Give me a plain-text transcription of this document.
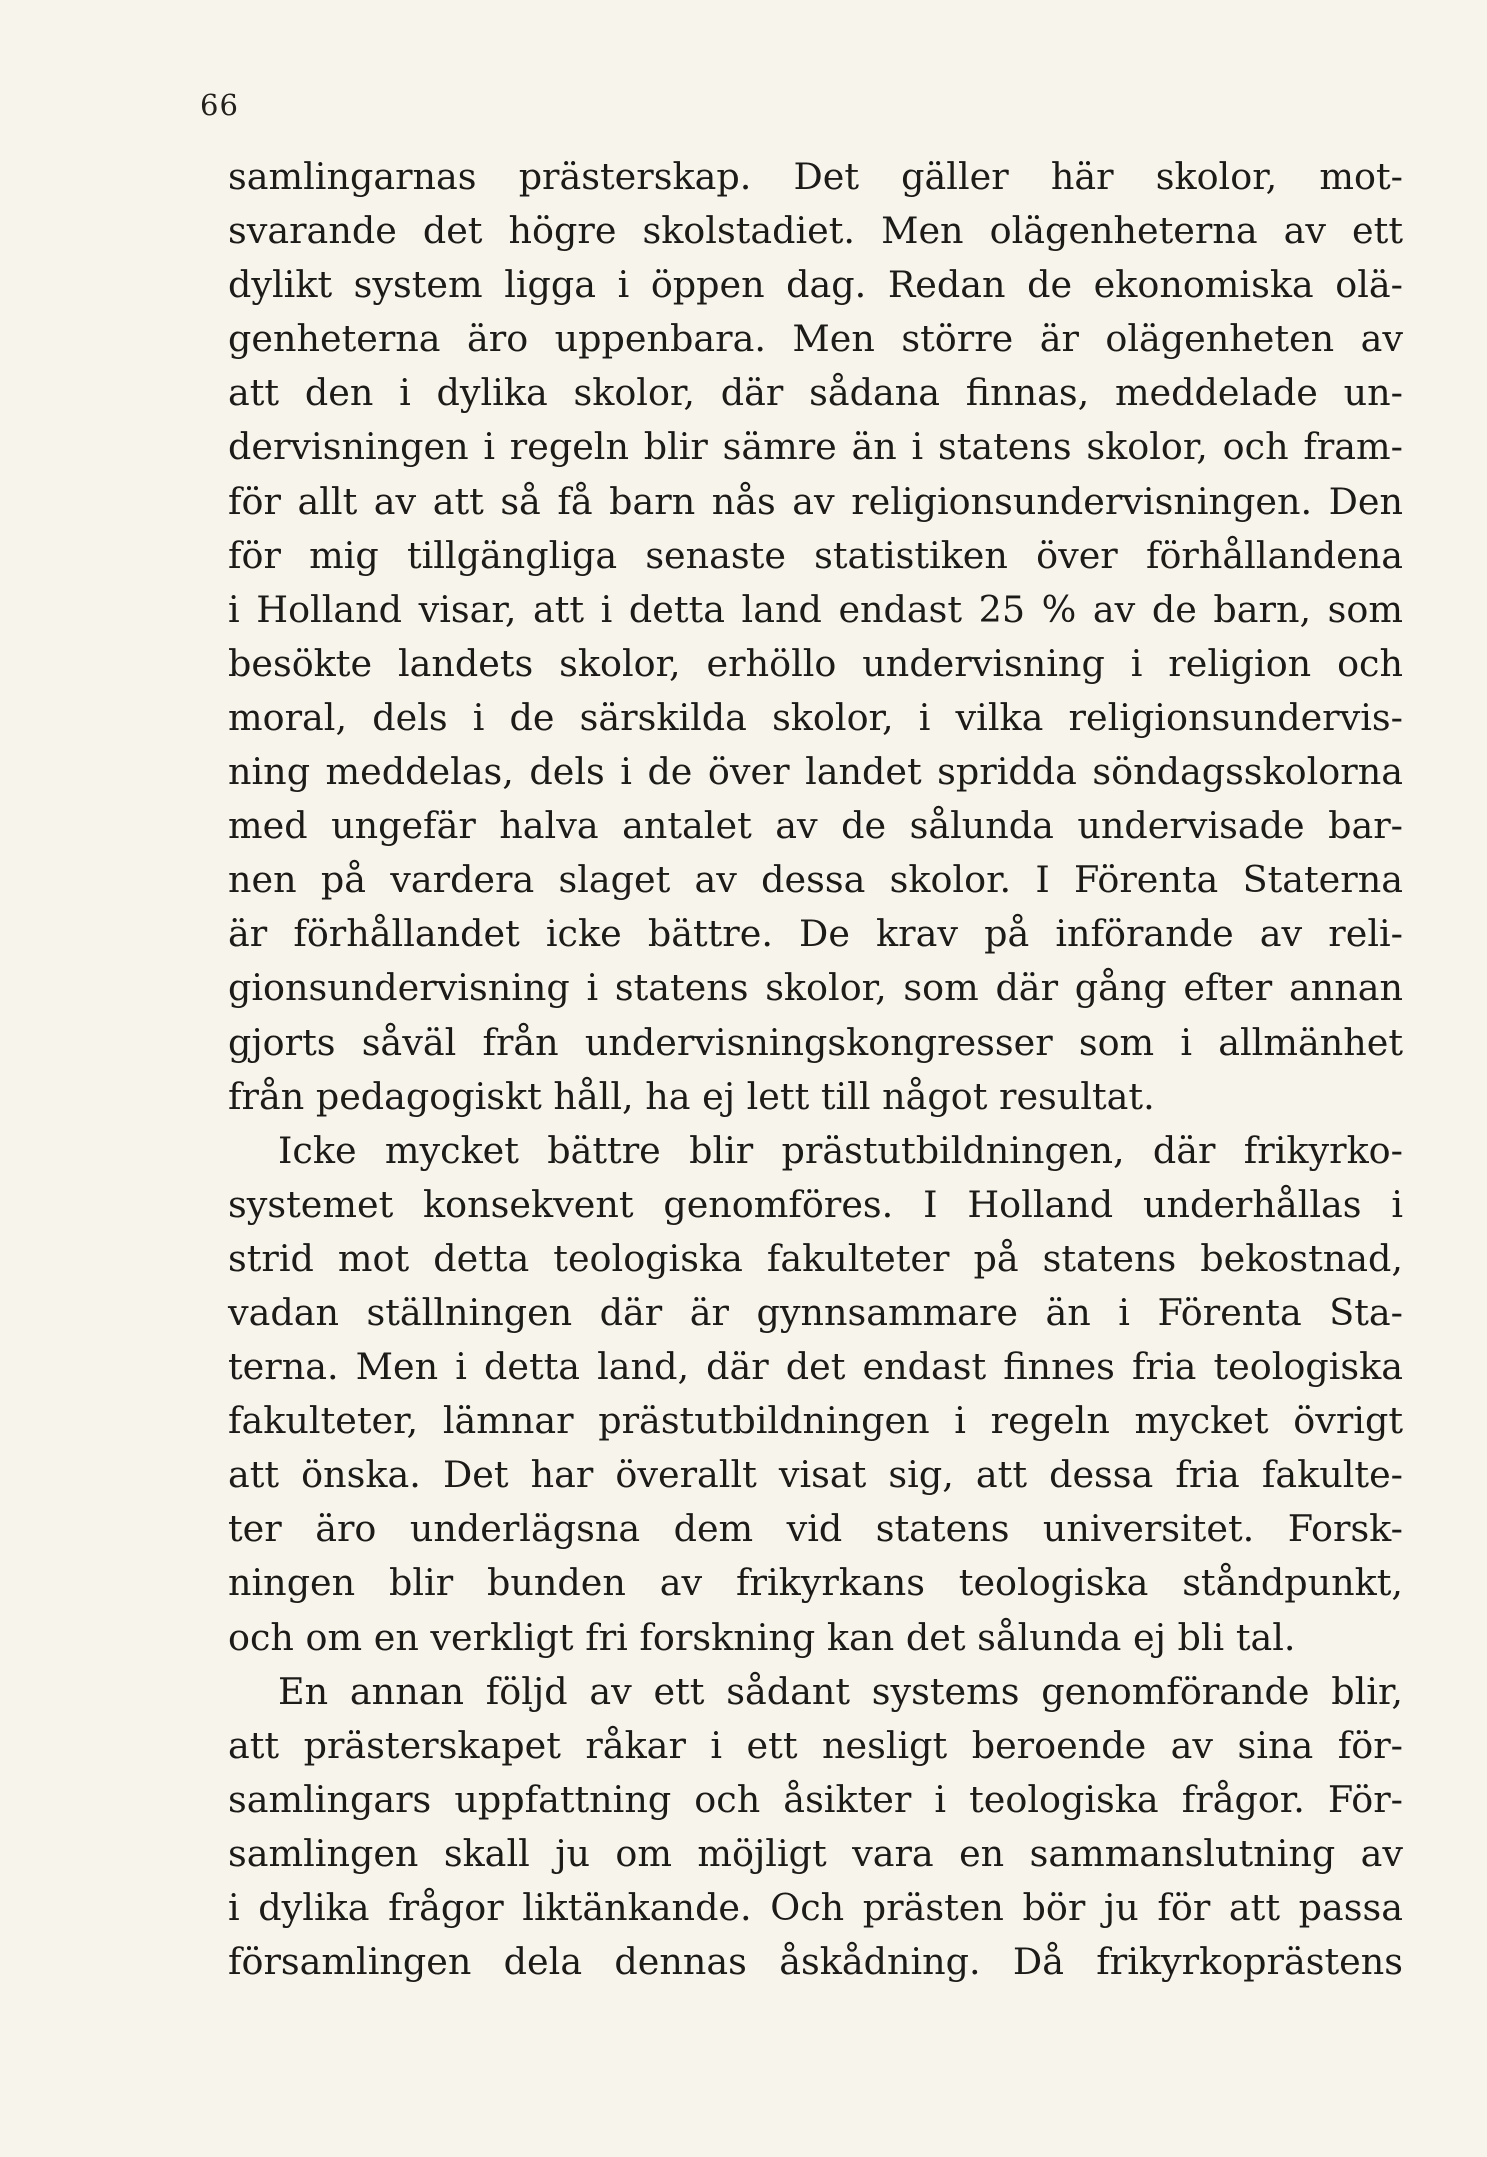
66
samlingarnas prästerskap. Det gäller här skolor, mot-
svarande det högre skolstadiet. Men olägenheterna av ett
dylikt system ligga i öppen dag. Redan de ekonomiska olä-
genheterna äro uppenbara. Men större är olägenheten av
att den i dylika skolor, där sådana finnas, meddelade un-
dervisningen i regeln blir sämre än i statens skolor, och fram-
för allt av att så få barn nås av religionsundervisningen. Den
för mig tillgängliga senaste statistiken över förhållandena
i Holland visar, att i detta land endast 25 % av de barn, som
besökte landets skolor, erhöllo undervisning i religion och
moral, dels i de särskilda skolor, i vilka religionsundervis-
ning meddelas, dels i de över landet spridda söndagsskolorna
med ungefär halva antalet av de sålunda undervisade bar-
nen på vardera slaget av dessa skolor. I Förenta Staterna
är förhållandet icke bättre. De krav på införande av reli-
gionsundervisning i statens skolor, som där gång efter annan
gjorts såväl från undervisningskongresser som i allmänhet
från pedagogiskt håll, ha ej lett till något resultat.
Icke mycket bättre blir prästutbildningen, där frikyrko-
systemet konsekvent genomföres. I Holland underhållas i
strid mot detta teologiska fakulteter på statens bekostnad,
vadan ställningen där är gynnsammare än i Förenta Sta-
terna. Men i detta land, där det endast finnes fria teologiska
fakulteter, lämnar prästutbildningen i regeln mycket övrigt
att önska. Det har överallt visat sig, att dessa fria fakulte-
ter äro underlägsna dem vid statens universitet. Forsk-
ningen blir bunden av frikyrkans teologiska ståndpunkt,
och om en verkligt fri forskning kan det sålunda ej bli tal.
En annan följd av ett sådant systems genomförande blir,
att prästerskapet råkar i ett nesligt beroende av sina för-
samlingars uppfattning och åsikter i teologiska frågor. För-
samlingen skall ju om möjligt vara en sammanslutning av
i dylika frågor liktänkande. Och prästen bör ju för att passa
församlingen dela dennas åskådning. Då frikyrkoprästens
